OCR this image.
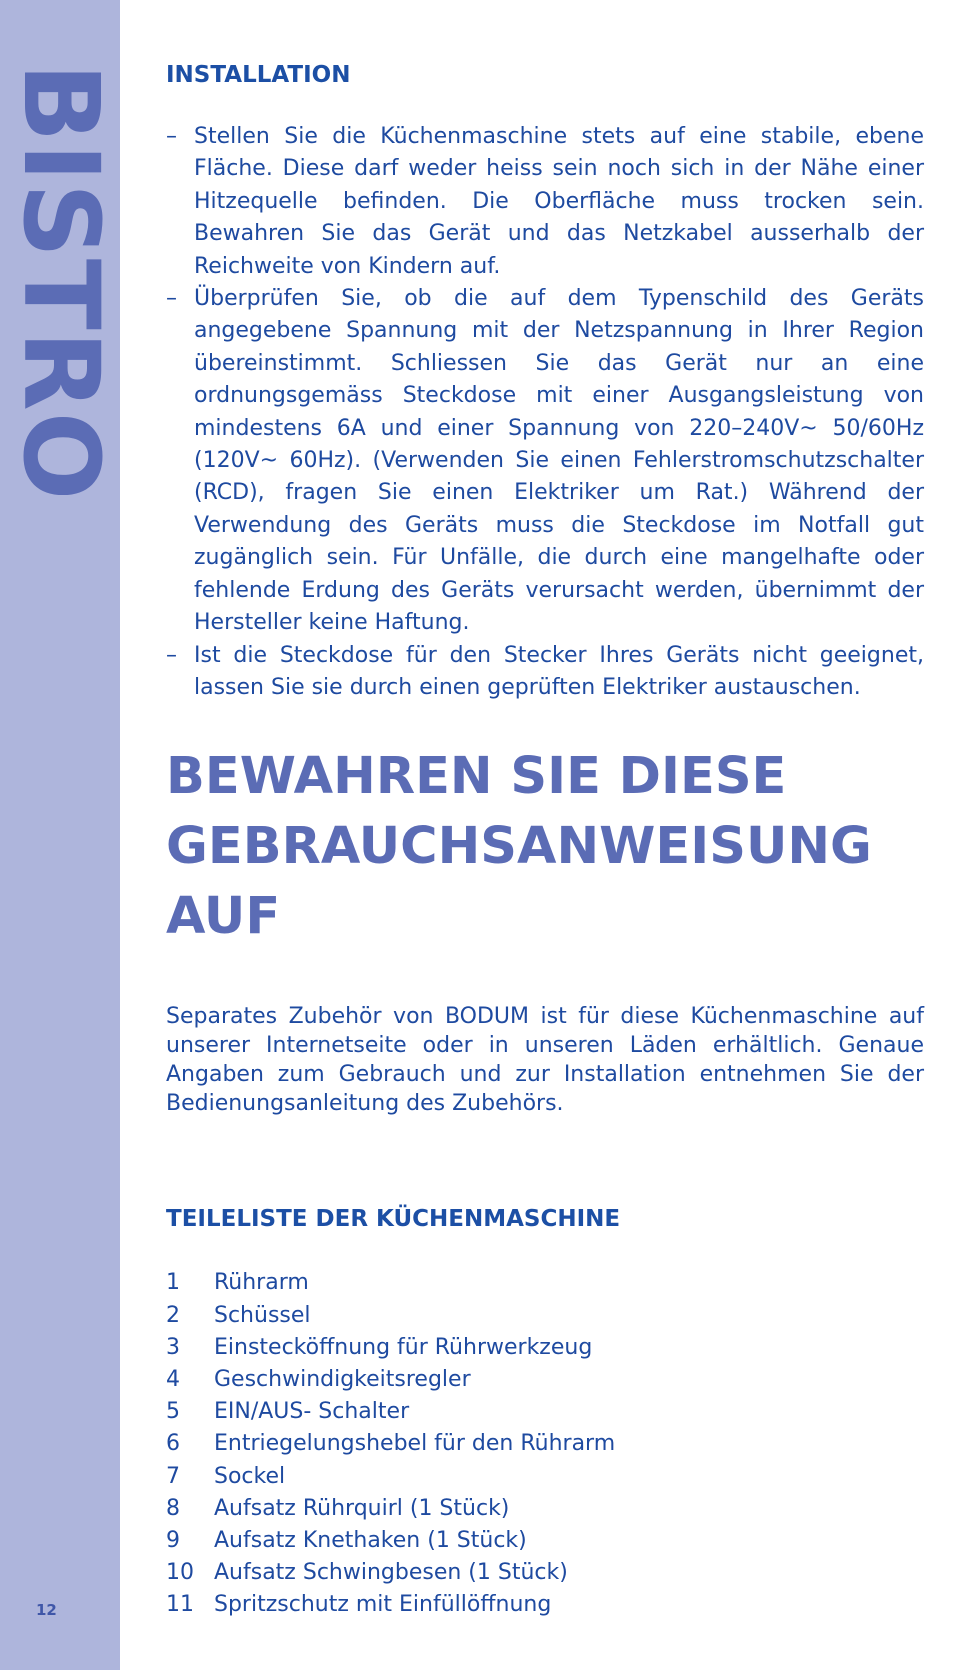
BISTRO
12
INSTALLATION
– Stellen Sie die Küchenmaschine stets auf eine stabile, ebene Fläche. Diese darf weder heiss sein noch sich in der Nähe einer Hitzequelle befinden. Die Oberfläche muss trocken sein. Bewahren Sie das Gerät und das Netzkabel ausserhalb der Reichweite von Kindern auf.
– Überprüfen Sie, ob die auf dem Typenschild des Geräts angegebene Spannung mit der Netzspannung in Ihrer Region übereinstimmt. Schliessen Sie das Gerät nur an eine ordnungsgemäss Steckdose mit einer Ausgangsleistung von mindestens 6A und einer Spannung von 220–240V~ 50/60Hz (120V~ 60Hz). (Verwenden Sie einen Fehlerstromschutzschalter (RCD), fragen Sie einen Elektriker um Rat.) Während der Verwendung des Geräts muss die Steckdose im Notfall gut zugänglich sein. Für Unfälle, die durch eine mangelhafte oder fehlende Erdung des Geräts verursacht werden, übernimmt der Hersteller keine Haftung.
– Ist die Steckdose für den Stecker Ihres Geräts nicht geeignet, lassen Sie sie durch einen geprüften Elektriker austauschen.
BEWAHREN SIE DIESE
GEBRAUCHSANWEISUNG AUF

Separates Zubehör von BODUM ist für diese Küchenmaschine auf unserer Internetseite oder in unseren Läden erhältlich. Genaue Angaben zum Gebrauch und zur Installation entnehmen Sie der Bedienungsanleitung des Zubehörs.

TEILELISTE DER KÜCHENMASCHINE
1	Rührarm
2	Schüssel
3	Einstecköffnung für Rührwerkzeug
4	Geschwindigkeitsregler
5	EIN/AUS- Schalter
6	Entriegelungshebel für den Rührarm
7	Sockel
8	Aufsatz Rührquirl (1 Stück)
9	Aufsatz Knethaken (1 Stück)
10 Aufsatz Schwingbesen (1 Stück)
11 Spritzschutz mit Einfüllöffnung
